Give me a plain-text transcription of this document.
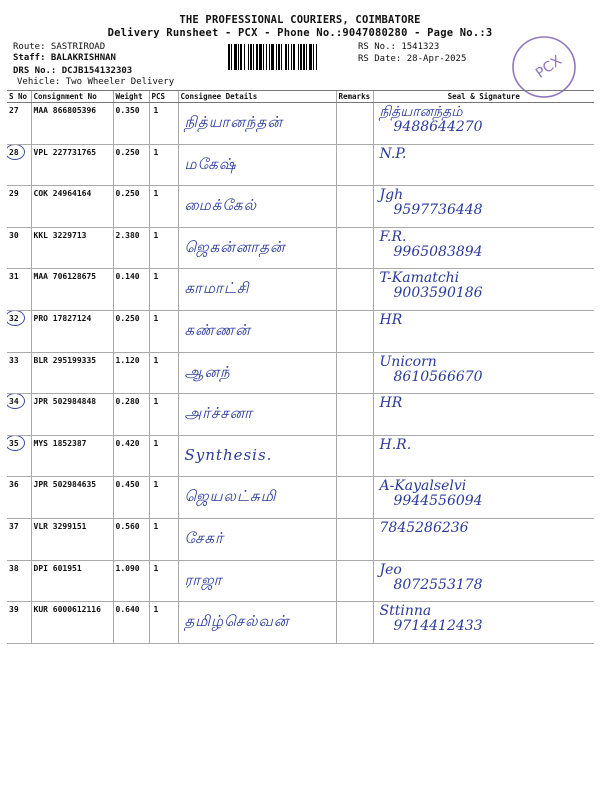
THE PROFESSIONAL COURIERS, COIMBATORE
Delivery Runsheet - PCX - Phone No.:9047080280 - Page No.:3
Route: SASTRIROAD
Staff: BALAKRISHNAN
DRS No.: DCJB154132303
Vehicle: Two Wheeler Delivery
RS No.: 1541323
RS Date: 28-Apr-2025	PCX
S No	Consignment No	Weight	PCS	Consignee Details	Remarks	Seal & Signature
27	MAA 866805396	0.350	1	நித்யானந்தன்		நித்யானந்தம்
9488644270

28	VPL 227731765	0.250	1	மகேஷ்		N.P.

29	COK 24964164	0.250	1	மைக்கேல்		Jgh
9597736448

30	KKL 3229713	2.380	1	ஜெகன்னாதன்		F.R.
9965083894

31	MAA 706128675	0.140	1	காமாட்சி		T-Kamatchi
9003590186

32	PRO 17827124	0.250	1	கண்ணன்		HR

33	BLR 295199335	1.120	1	ஆனந்		Unicorn
8610566670

34	JPR 502984848	0.280	1	அர்ச்சனா		HR

35	MYS 1852387	0.420	1	Synthesis.		H.R.

36	JPR 502984635	0.450	1	ஜெயலட்சுமி		A-Kayalselvi
9944556094

37	VLR 3299151	0.560	1	சேகர்		7845286236

38	DPI 601951	1.090	1	ராஜா		Jeo
8072553178

39	KUR 6000612116	0.640	1	தமிழ்செல்வன்		Sttinna
9714412433
